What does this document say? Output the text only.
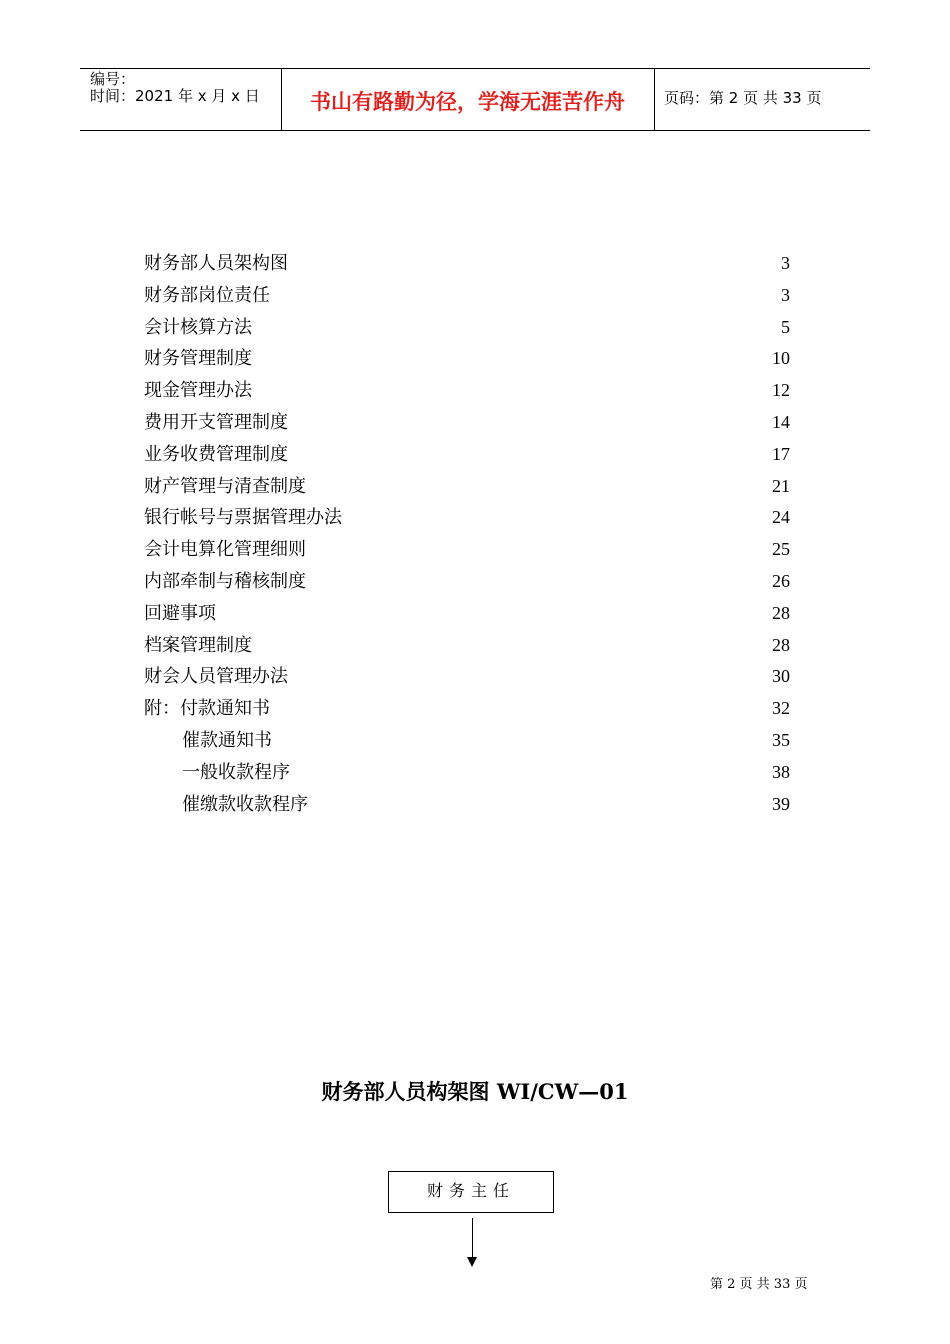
编号：
时间：2021 年 x 月 x 日	书山有路勤为径，学海无涯苦作舟	页码：第 2 页 共 33 页
财务部人员架构图	3
财务部岗位责任	3
会计核算方法	5
财务管理制度	10
现金管理办法	12
费用开支管理制度	14
业务收费管理制度	17
财产管理与清查制度	21
银行帐号与票据管理办法	24
会计电算化管理细则	25
内部牵制与稽核制度	26
回避事项	28
档案管理制度	28
财会人员管理办法	30
附：付款通知书	32
催款通知书	35
一般收款程序	38
催缴款收款程序	39
财务部人员构架图 WI/CW—01
财务主任
第 2 页 共 33 页
